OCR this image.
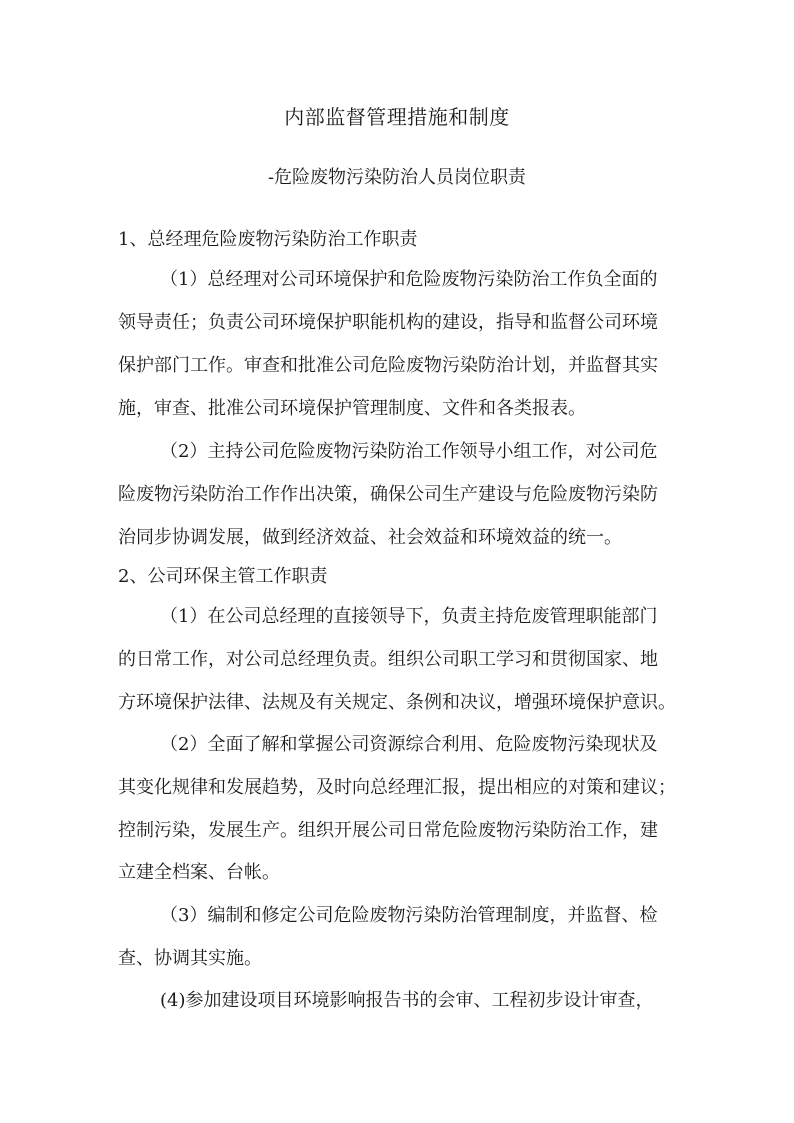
内部监督管理措施和制度
-危险废物污染防治人员岗位职责
1、总经理危险废物污染防治工作职责
（1）总经理对公司环境保护和危险废物污染防治工作负全面的
领导责任；负责公司环境保护职能机构的建设，指导和监督公司环境
保护部门工作。审查和批准公司危险废物污染防治计划，并监督其实
施，审查、批准公司环境保护管理制度、文件和各类报表。
（2）主持公司危险废物污染防治工作领导小组工作，对公司危
险废物污染防治工作作出决策，确保公司生产建设与危险废物污染防
治同步协调发展，做到经济效益、社会效益和环境效益的统一。
2、公司环保主管工作职责
（1）在公司总经理的直接领导下，负责主持危废管理职能部门
的日常工作，对公司总经理负责。组织公司职工学习和贯彻国家、地
方环境保护法律、法规及有关规定、条例和决议，增强环境保护意识。
（2）全面了解和掌握公司资源综合利用、危险废物污染现状及
其变化规律和发展趋势，及时向总经理汇报，提出相应的对策和建议；
控制污染，发展生产。组织开展公司日常危险废物污染防治工作，建
立建全档案、台帐。
（3）编制和修定公司危险废物污染防治管理制度，并监督、检
查、协调其实施。
(4)参加建设项目环境影响报告书的会审、工程初步设计审查，
